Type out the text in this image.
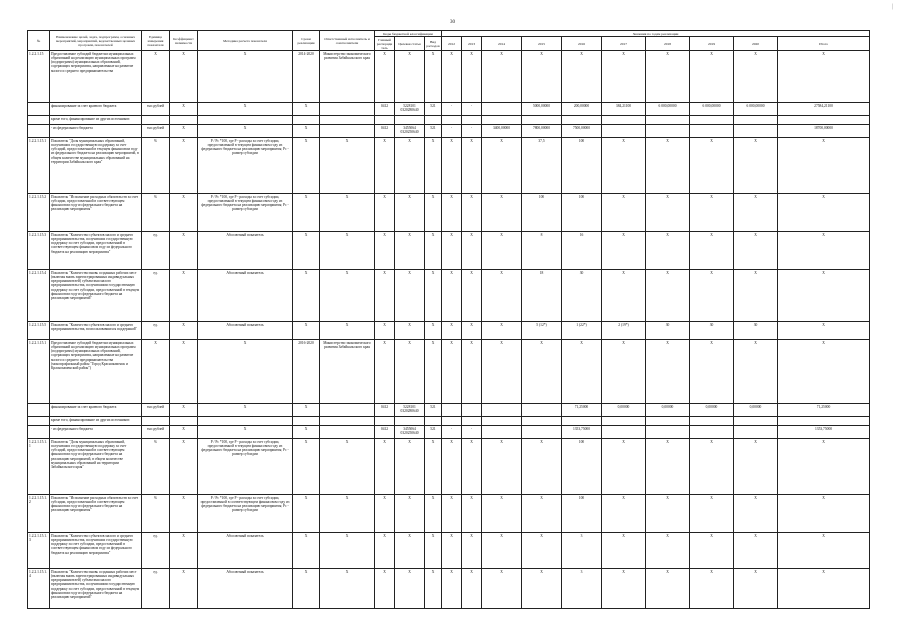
30
|
№	Наименование целей, задач, подпрограмм, основных мероприятий, мероприятий, ведомственных целевых программ, показателей	Единица измерения показателя	Коэффициент значимости	Методика расчета показателя	Сроки реализации	Ответственный исполнитель и соисполнители	Коды бюджетной классификации			Значения по годам реализации									
							Главный распорядитель	Целевая статья	Вид расходов	2012	2013	2014	2015	2016	2017	2018	2019	2020	Итого
1.2.2.1.15	Предоставление субсидий бюджетам муниципальных образований на реализацию муниципальных программ (подпрограмм) муниципальных образований, содержащих мероприятия, направленные на развитие малого и среднего предпринимательства	X	X	X	2014-2020	Министерство экономического развития Забайкальского края	X	X	X	X	X	X	X	X	X	X	X	X	X
	финансирование за счет краевого бюджета	тыс.рублей	X	X	X		0412	5228101 0320280640	521	-	-		5000,00000	200,00000	384,21100	6 000,00000	6 000,00000	6 000,00000	27584,21100
	кроме того, финансирование из других источников:																		
	- из федерального бюджета	тыс.рублей	X	X	X		0412	3455064 0320250640	521	-	-	3400,00000	7800,00000	7500,00000					18700,00000
1.2.2.1.15.1	Показатель "Доля муниципальных образований, получивших государственную поддержку за счет субсидий, предоставленной в текущем финансовом году из федерального бюджета на реализацию мероприятий, в общем количестве муниципальных образований на территории Забайкальского края"	%	X	P / Pc *100, где P - расходы за счет субсидии, предоставленной в текущем финансовом году из федерального бюджета на реализацию мероприятия; Pc - размер субсидии	X	X	X	X	X	X	X	X	37,5	100	X	X	X	X	X
1.2.2.1.15.2	Показатель "Исполнение расходных обязательств за счет субсидии, предоставленной в соответствующем финансовом году из федерального бюджета на реализацию мероприятия"	%	X	P / Pc *100, где P - расходы за счет субсидии, предоставленной в текущем финансовом году из федерального бюджета на реализацию мероприятия; Pc - размер субсидии	X	X	X	X	X	X	X	X	100	100	X	X	X	X	X
1.2.2.1.15.3	Показатель "Количество субъектов малого и среднего предпринимательства, получивших государственную поддержку за счет субсидии, предоставленной в соответствующем финансовом году из федерального бюджета на реализацию мероприятия"	ед.	X	Абсолютный показатель	X	X	X	X	X	X	X	X	8	16	X	X	X	X	X
1.2.2.1.15.4	Показатель "Количество вновь созданных рабочих мест (включая вновь зарегистрированных индивидуальных предпринимателей) субъектами малого предпринимательства, получившими государственную поддержку за счет субсидии, предоставленной в текущем финансовом году из федерального бюджета на реализацию мероприятий"	ед.	X	Абсолютный показатель	X	X	X	X	X	X	X	X	18	30	X	X	X	X	X
1.2.2.1.15.5	Показатель "Количество субъектов малого и среднего предпринимательства, воспользовавшихся поддержкой"	ед.	X	Абсолютный показатель	X	X	X	X	X	X	X	X	5 (12*)	1 (22*)	2 (19*)	30	30	30	X
1.2.2.1.15.1	Предоставление субсидий бюджетам муниципальных образований на реализацию муниципальных программ (подпрограмм) муниципальных образований, содержащих мероприятия, направленные на развитие малого и среднего предпринимательства (монопрофильный район "Город Краснокаменск и Краснокаменский район")	X	X	X	2016-2020	Министерство экономического развития Забайкальского края	X	X	X	X	X	X	X	X	X	X	X	X	X
	финансирование за счет краевого бюджета	тыс.рублей	X	X	X		0412	5228101 0320280640	521					71,25000	0,00000	0,00000	0,00000	0,00000	71,25000
	кроме того, финансирование из других источников:																		
	- из федерального бюджета	тыс.рублей	X	X	X		0412	3455064 0320250640	521	-	-			1353,75000					1353,75000
1.2.2.1.15.1.1	Показатель "Доля муниципальных образований, получивших государственную поддержку за счет субсидий, предоставленной в соответствующем финансовом году из федерального бюджета на реализацию мероприятий, в общем количестве муниципальных образований на территории Забайкальского края"	%	X	P / Pc *100, где P - расходы за счет субсидии, предоставленной в текущем финансовом году из федерального бюджета на реализацию мероприятия; Pc - размер субсидии	X	X	X	X	X	X	X	X	X	100	X	X	X	X	X
1.2.2.1.15.1.2	Показатель "Исполнение расходных обязательств за счет субсидии, предоставленной в соответствующем финансовом году из федерального бюджета на реализацию мероприятия"	%	X	P / Pc *100, где P - расходы за счет субсидии, предоставленной в соответствующем финансовом году из федерального бюджета на реализацию мероприятия; Pc - размер субсидии	X	X	X	X	X	X	X	X	X	100	X	X	X	X	X
1.2.2.1.15.1.3	Показатель "Количество субъектов малого и среднего предпринимательства, получивших государственную поддержку за счет субсидии, предоставленной в соответствующем финансовом году из федерального бюджета на реализацию мероприятия"	ед.	X	Абсолютный показатель	X	X	X	X	X	X	X	X	X	3	X	X	X	X	X
1.2.2.1.15.1.4	Показатель "Количество вновь созданных рабочих мест (включая вновь зарегистрированных индивидуальных предпринимателей) субъектами малого предпринимательства, получившими государственную поддержку за счет субсидии, предоставленной в текущем финансовом году из федерального бюджета на реализацию мероприятий"	ед.	X	Абсолютный показатель	X	X	X	X	X	X	X	X	X	3	X	X	X	X	X
